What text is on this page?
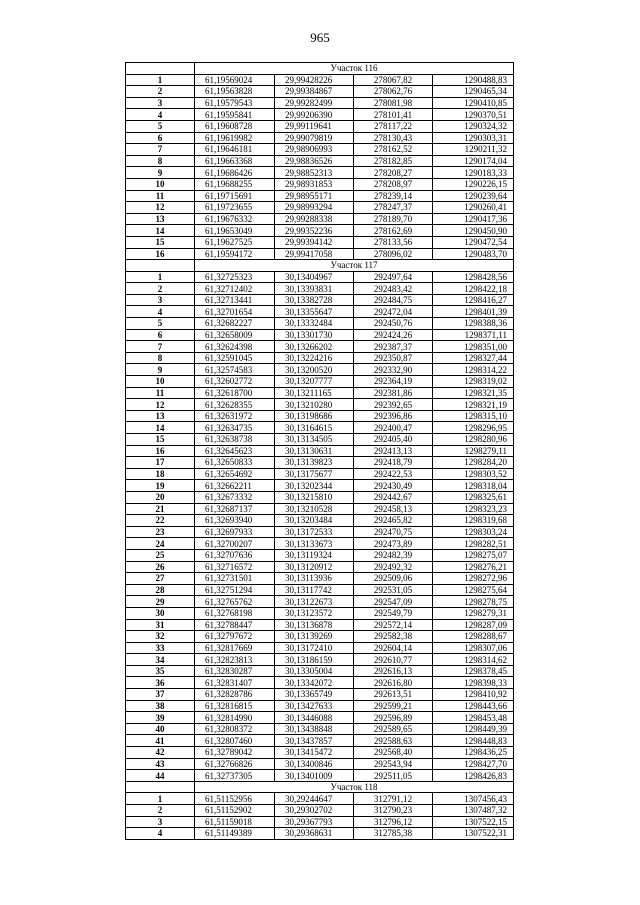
965
	Участок 116			
1	61,19569024	29,99428226	278067,82	1290488,83
2	61,19563828	29,99384867	278062,76	1290465,34
3	61,19579543	29,99282499	278081,98	1290410,85
4	61,19595841	29,99206390	278101,41	1290370,51
5	61,19608728	29,99119641	278117,22	1290324,32
6	61,19619982	29,99079819	278130,43	1290303,31
7	61,19646181	29,98906993	278162,52	1290211,32
8	61,19663368	29,98836526	278182,85	1290174,04
9	61,19686426	29,98852313	278208,27	1290183,33
10	61,19688255	29,98931853	278208,97	1290226,15
11	61,19715691	29,98955171	278239,14	1290239,64
12	61,19723655	29,98993294	278247,37	1290260,41
13	61,19676332	29,99288338	278189,70	1290417,36
14	61,19653049	29,99352236	278162,69	1290450,90
15	61,19627525	29,99394142	278133,56	1290472,54
16	61,19594172	29,99417058	278096,02	1290483,70
	Участок 117			
1	61,32725323	30,13404967	292497,64	1298428,56
2	61,32712402	30,13393831	292483,42	1298422,18
3	61,32713441	30,13382728	292484,75	1298416,27
4	61,32701654	30,13355647	292472,04	1298401,39
5	61,32682227	30,13332484	292450,76	1298388,36
6	61,32658009	30,13301730	292424,26	1298371,11
7	61,32624398	30,13266202	292387,37	1298351,00
8	61,32591045	30,13224216	292350,87	1298327,44
9	61,32574583	30,13200520	292332,90	1298314,22
10	61,32602772	30,13207777	292364,19	1298319,02
11	61,32618700	30,13211165	292381,86	1298321,35
12	61,32628355	30,13210280	292392,65	1298321,19
13	61,32631972	30,13198686	292396,86	1298315,10
14	61,32634735	30,13164615	292400,47	1298296,95
15	61,32638738	30,13134505	292405,40	1298280,96
16	61,32645623	30,13130631	292413,13	1298279,11
17	61,32650833	30,13139823	292418,79	1298284,20
18	61,32654692	30,13175677	292422,53	1298303,52
19	61,32662211	30,13202344	292430,49	1298318,04
20	61,32673332	30,13215810	292442,67	1298325,61
21	61,32687137	30,13210528	292458,13	1298323,23
22	61,32693940	30,13203484	292465,82	1298319,68
23	61,32697933	30,13172533	292470,75	1298303,24
24	61,32700207	30,13133673	292473,89	1298282,51
25	61,32707636	30,13119324	292482,39	1298275,07
26	61,32716572	30,13120912	292492,32	1298276,21
27	61,32731501	30,13113936	292509,06	1298272,96
28	61,32751294	30,13117742	292531,05	1298275,64
29	61,32765762	30,13122673	292547,09	1298278,75
30	61,32768198	30,13123572	292549,79	1298279,31
31	61,32788447	30,13136878	292572,14	1298287,09
32	61,32797672	30,13139269	292582,38	1298288,67
33	61,32817669	30,13172410	292604,14	1298307,06
34	61,32823813	30,13186159	292610,77	1298314,62
35	61,32830287	30,13305004	292616,13	1298378,45
36	61,32831407	30,13342072	292616,80	1298398,33
37	61,32828786	30,13365749	292613,51	1298410,92
38	61,32816815	30,13427633	292599,21	1298443,66
39	61,32814990	30,13446088	292596,89	1298453,48
40	61,32808372	30,13438848	292589,65	1298449,39
41	61,32807460	30,13437857	292588,63	1298448,83
42	61,32789042	30,13415472	292568,40	1298436,25
43	61,32766826	30,13400846	292543,94	1298427,70
44	61,32737305	30,13401009	292511,05	1298426,83
	Участок 118			
1	61,51152956	30,29244647	312791,12	1307456,43
2	61,51152902	30,29302702	312790,23	1307487,32
3	61,51159018	30,29367793	312796,12	1307522,15
4	61,51149389	30,29368631	312785,38	1307522,31
